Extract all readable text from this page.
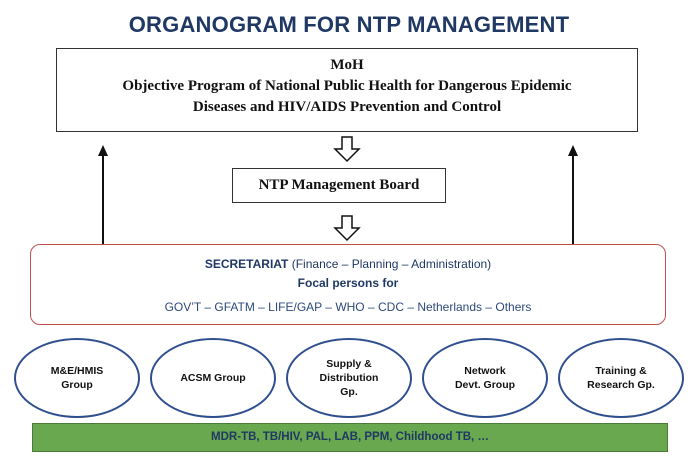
ORGANOGRAM FOR NTP MANAGEMENT
MoH
Objective Program of National Public Health for Dangerous Epidemic
Diseases and HIV/AIDS Prevention and Control
NTP Management Board
SECRETARIAT (Finance – Planning – Administration)
Focal persons for
GOV’T – GFATM – LIFE/GAP – WHO – CDC – Netherlands – Others
M&E/HMIS
Group
ACSM Group
Supply &
Distribution
Gp.
Network
Devt. Group
Training &
Research Gp.
MDR-TB, TB/HIV, PAL, LAB, PPM, Childhood TB, …
